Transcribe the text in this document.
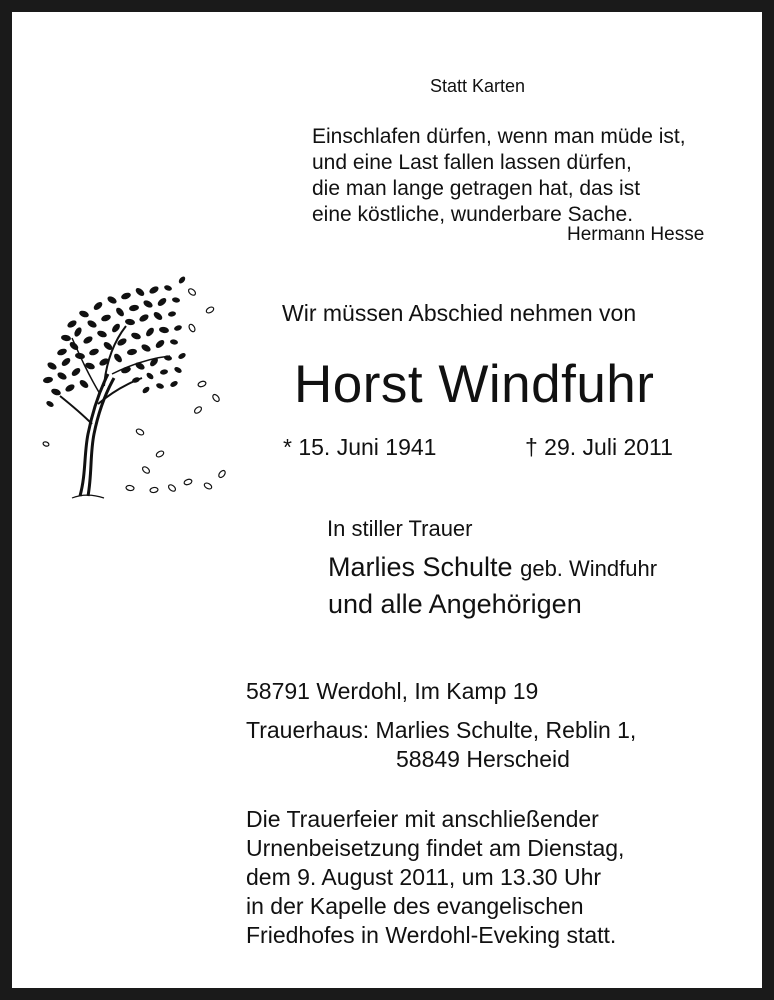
Statt Karten

Einschlafen dürfen, wenn man müde ist,
und eine Last fallen lassen dürfen,
die man lange getragen hat, das ist
eine köstliche, wunderbare Sache.

Hermann Hesse

Wir müssen Abschied nehmen von

Horst Windfuhr

* 15. Juni 1941	† 29. Juli 2011

In stiller Trauer

Marlies Schulte geb. Windfuhr

und alle Angehörigen

58791 Werdohl, Im Kamp 19

Trauerhaus: Marlies Schulte, Reblin 1,

58849 Herscheid

Die Trauerfeier mit anschließender
Urnenbeisetzung findet am Dienstag,
dem 9. August 2011, um 13.30 Uhr
in der Kapelle des evangelischen
Friedhofes in Werdohl-Eveking statt.
